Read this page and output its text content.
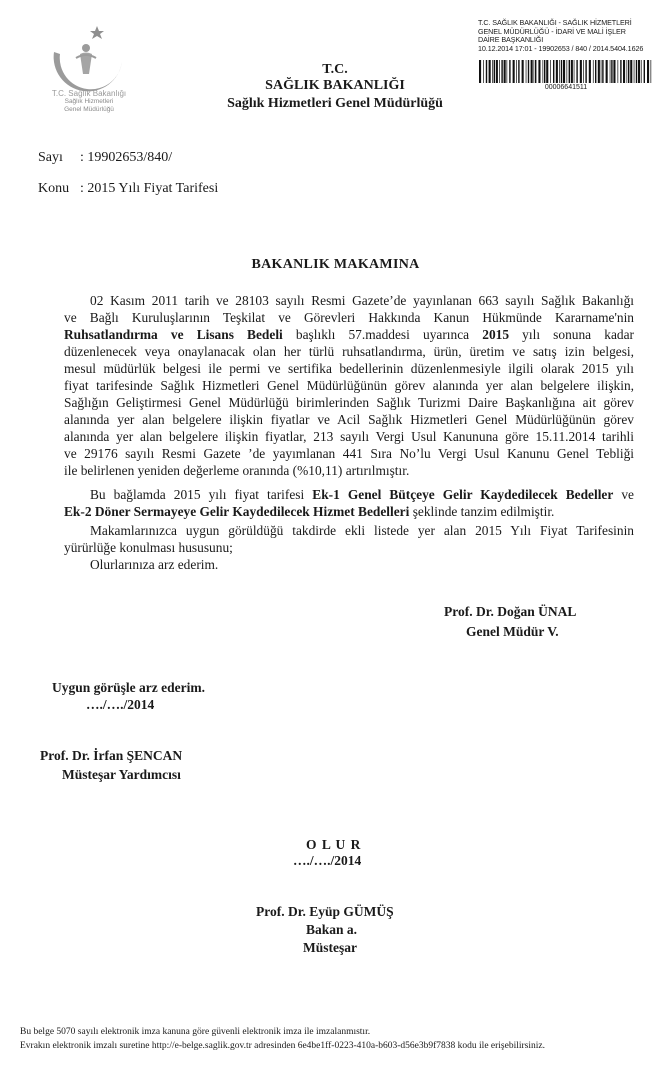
T.C. Sağlık Bakanlığı
Sağlık Hizmetleri
Genel Müdürlüğü
T.C.
SAĞLIK BAKANLIĞI
Sağlık Hizmetleri Genel Müdürlüğü
T.C. SAĞLIK BAKANLIĞI - SAĞLIK HİZMETLERİ
GENEL MÜDÜRLÜĞÜ - İDARİ VE MALİ İŞLER
DAİRE BAŞKANLIĞI
10.12.2014 17:01 - 19902653 / 840 / 2014.5404.1626
00006641511
Sayı : 19902653/840/
Konu : 2015 Yılı Fiyat Tarifesi
BAKANLIK MAKAMINA
02 Kasım 2011 tarih ve 28103 sayılı Resmi Gazete’de yayınlanan 663 sayılı Sağlık Bakanlığı
ve Bağlı Kuruluşlarının Teşkilat ve Görevleri Hakkında Kanun Hükmünde Kararname'nin
Ruhsatlandırma ve Lisans Bedeli başlıklı 57.maddesi uyarınca 2015 yılı sonuna kadar
düzenlenecek veya onaylanacak olan her türlü ruhsatlandırma, ürün, üretim ve satış izin belgesi,
mesul müdürlük belgesi ile permi ve sertifika bedellerinin düzenlenmesiyle ilgili olarak 2015 yılı
fiyat tarifesinde Sağlık Hizmetleri Genel Müdürlüğünün görev alanında yer alan belgelere ilişkin,
Sağlığın Geliştirmesi Genel Müdürlüğü birimlerinden Sağlık Turizmi Daire Başkanlığına ait görev
alanında yer alan belgelere ilişkin fiyatlar ve Acil Sağlık Hizmetleri Genel Müdürlüğünün görev
alanında yer alan belgelere ilişkin fiyatlar, 213 sayılı Vergi Usul Kanununa göre 15.11.2014 tarihli
ve 29176 sayılı Resmi Gazete ’de yayımlanan 441 Sıra No’lu Vergi Usul Kanunu Genel Tebliği
ile belirlenen yeniden değerleme oranında (%10,11) artırılmıştır.
Bu bağlamda 2015 yılı fiyat tarifesi Ek-1 Genel Bütçeye Gelir Kaydedilecek Bedeller ve
Ek-2 Döner Sermayeye Gelir Kaydedilecek Hizmet Bedelleri şeklinde tanzim edilmiştir.
Makamlarınızca uygun görüldüğü takdirde ekli listede yer alan 2015 Yılı Fiyat Tarifesinin
yürürlüğe konulması hususunu;
Olurlarınıza arz ederim.
Prof. Dr. Doğan ÜNAL
Genel Müdür V.
Uygun görüşle arz ederim.
…./…./2014
Prof. Dr. İrfan ŞENCAN
Müsteşar Yardımcısı
O L U R
…./…./2014
Prof. Dr. Eyüp GÜMÜŞ
Bakan a.
Müsteşar
Bu belge 5070 sayılı elektronik imza kanuna göre güvenli elektronik imza ile imzalanmıstır.
Evrakın elektronik imzalı suretine http://e-belge.saglik.gov.tr adresinden 6e4be1ff-0223-410a-b603-d56e3b9f7838 kodu ile erişebilirsiniz.
